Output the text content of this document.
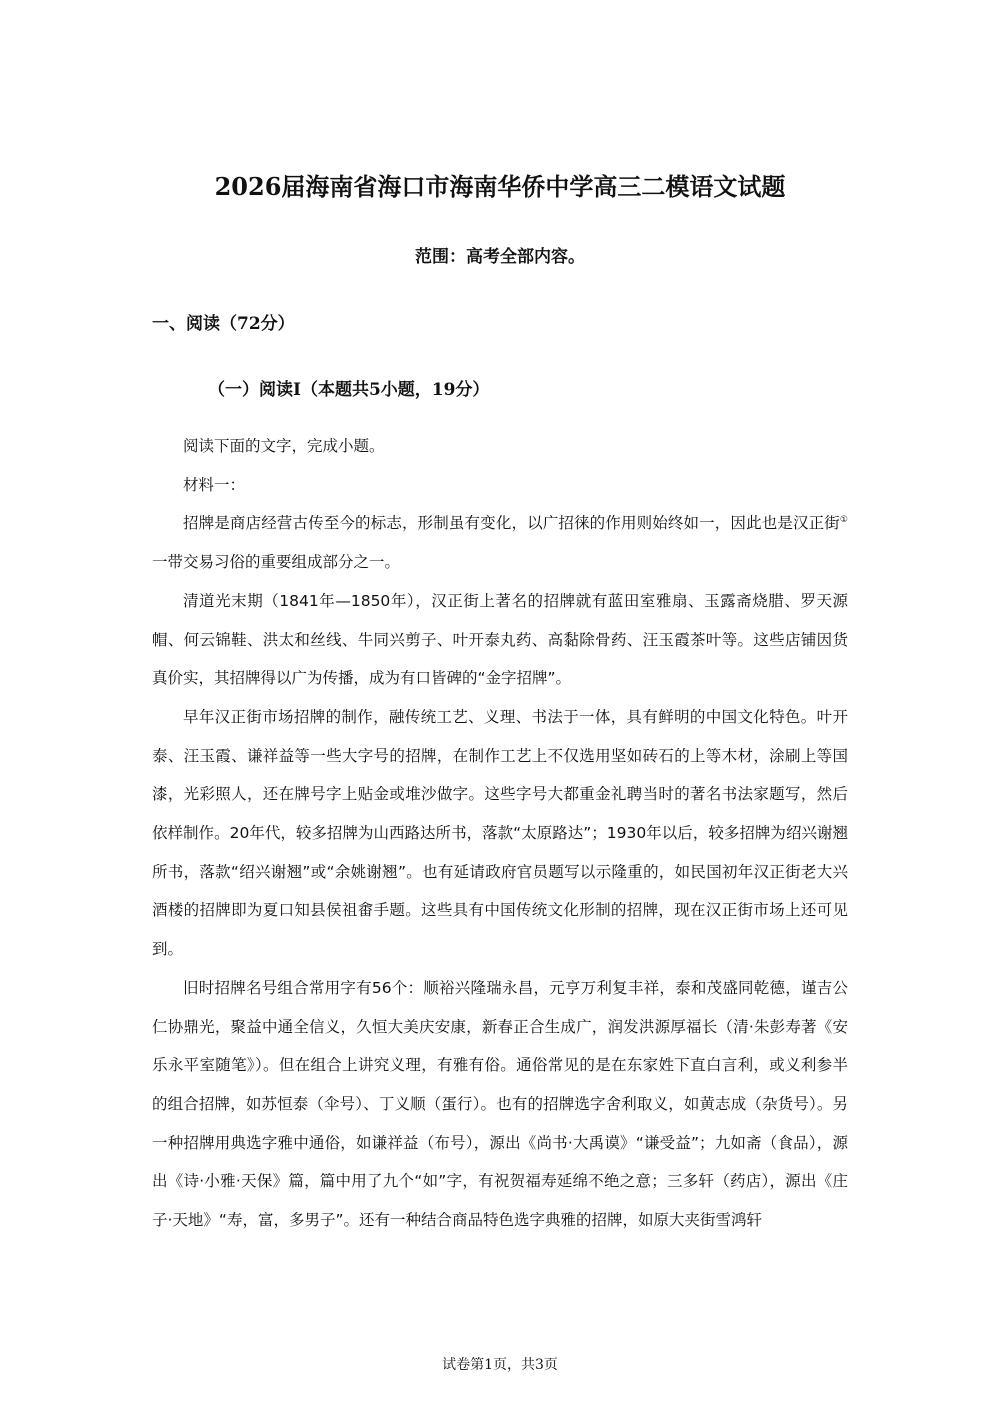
2026届海南省海口市海南华侨中学高三二模语文试题
范围：高考全部内容。
一、阅读（72分）
（一）阅读Ⅰ（本题共5小题，19分）

阅读下面的文字，完成小题。

材料一：

招牌是商店经营古传至今的标志，形制虽有变化，以广招徕的作用则始终如一，因此也是汉正街①一带交易习俗的重要组成部分之一。

清道光末期（1841年—1850年），汉正街上著名的招牌就有蓝田室雅扇、玉露斋烧腊、罗天源帽、何云锦鞋、洪太和丝线、牛同兴剪子、叶开泰丸药、高黏除骨药、汪玉霞茶叶等。这些店铺因货真价实，其招牌得以广为传播，成为有口皆碑的“金字招牌”。

早年汉正街市场招牌的制作，融传统工艺、义理、书法于一体，具有鲜明的中国文化特色。叶开泰、汪玉霞、谦祥益等一些大字号的招牌，在制作工艺上不仅选用坚如砖石的上等木材，涂刷上等国漆，光彩照人，还在牌号字上贴金或堆沙做字。这些字号大都重金礼聘当时的著名书法家题写，然后依样制作。20年代，较多招牌为山西路达所书，落款“太原路达”；1930年以后，较多招牌为绍兴谢翘所书，落款“绍兴谢翘”或“余姚谢翘”。也有延请政府官员题写以示隆重的，如民国初年汉正街老大兴酒楼的招牌即为夏口知县侯祖畬手题。这些具有中国传统文化形制的招牌，现在汉正街市场上还可见到。

旧时招牌名号组合常用字有56个：顺裕兴隆瑞永昌，元亨万利复丰祥，泰和茂盛同乾德，谨吉公仁协鼎光，聚益中通全信义，久恒大美庆安康，新春正合生成广，润发洪源厚福长（清·朱彭寿著《安乐永平室随笔》）。但在组合上讲究义理，有雅有俗。通俗常见的是在东家姓下直白言利，或义利参半的组合招牌，如苏恒泰（伞号）、丁义顺（蛋行）。也有的招牌选字舍利取义，如黄志成（杂货号）。另一种招牌用典选字雅中通俗，如谦祥益（布号），源出《尚书·大禹谟》“谦受益”；九如斋（食品），源出《诗·小雅·天保》篇，篇中用了九个“如”字，有祝贺福寿延绵不绝之意；三多轩（药店），源出《庄子·天地》“寿，富，多男子”。还有一种结合商品特色选字典雅的招牌，如原大夹街雪鸿轩

试卷第1页，共3页
